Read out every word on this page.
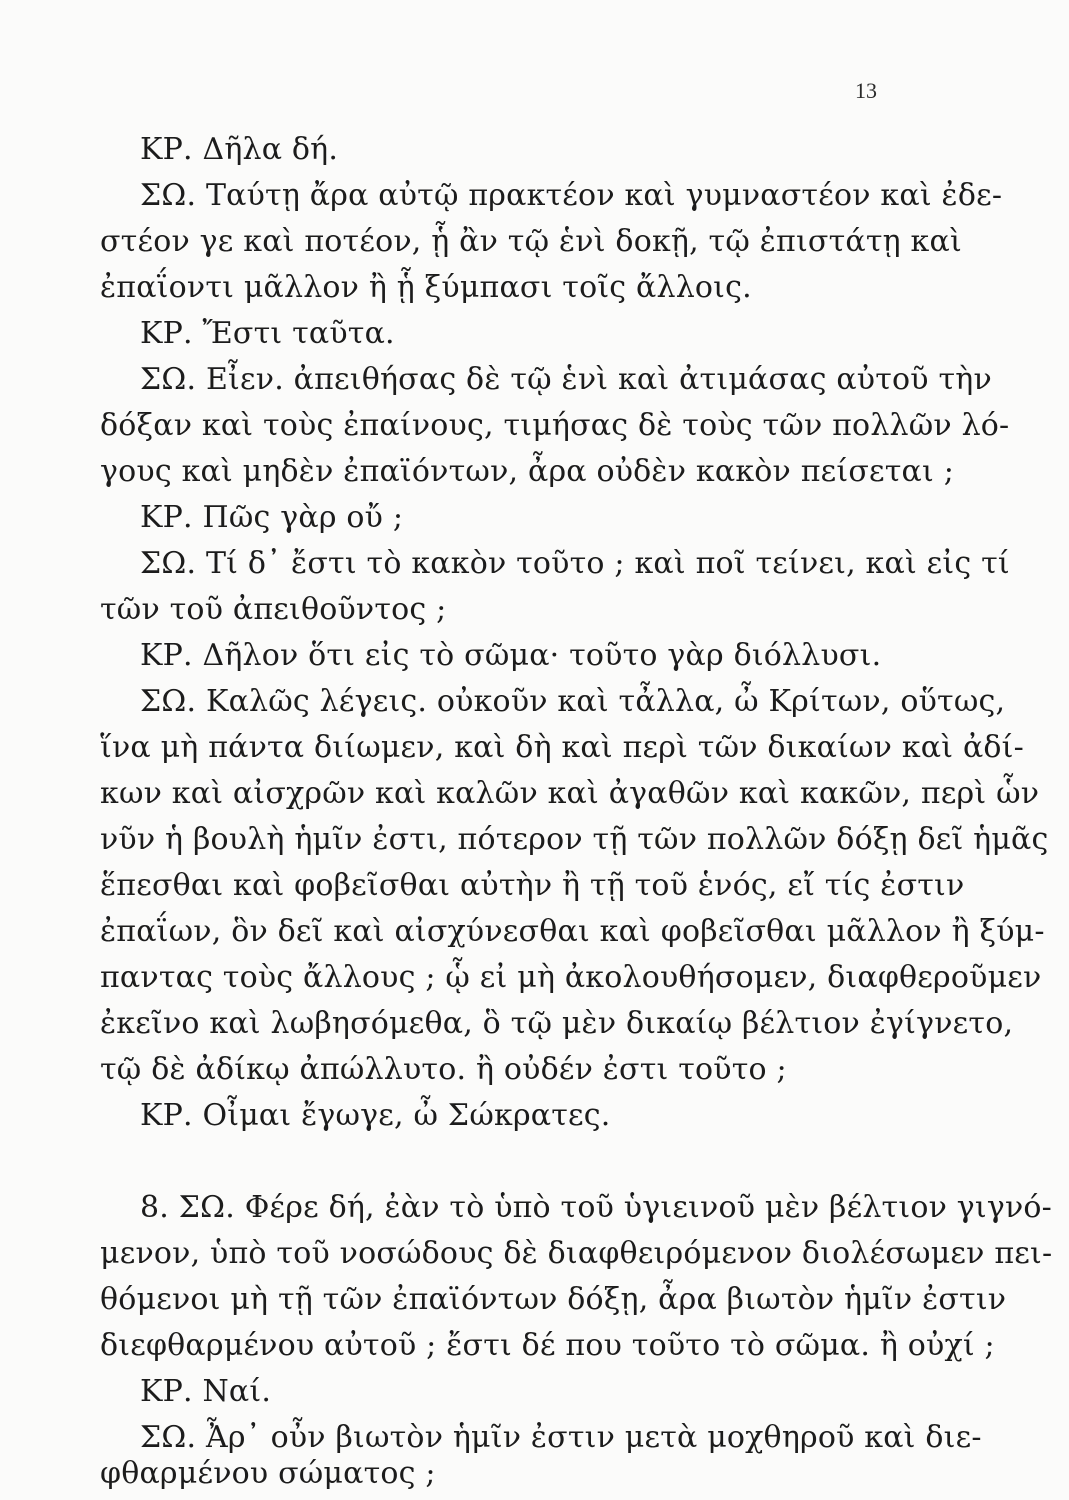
13
ΚΡ. Δῆλα δή.
ΣΩ. Ταύτῃ ἄρα αὐτῷ πρακτέον καὶ γυμναστέον καὶ ἐδε-
στέον γε καὶ ποτέον, ᾗ ἂν τῷ ἑνὶ δοκῇ, τῷ ἐπιστάτῃ καὶ
ἐπαΐοντι μᾶλλον ἢ ᾗ ξύμπασι τοῖς ἄλλοις.
ΚΡ. Ἔστι ταῦτα.
ΣΩ. Εἶεν. ἀπειθήσας δὲ τῷ ἑνὶ καὶ ἀτιμάσας αὐτοῦ τὴν
δόξαν καὶ τοὺς ἐπαίνους, τιμήσας δὲ τοὺς τῶν πολλῶν λό-
γους καὶ μηδὲν ἐπαϊόντων, ἆρα οὐδὲν κακὸν πείσεται ;
ΚΡ. Πῶς γὰρ οὔ ;
ΣΩ. Τί δ᾽ ἔστι τὸ κακὸν τοῦτο ; καὶ ποῖ τείνει, καὶ εἰς τί
τῶν τοῦ ἀπειθοῦντος ;
ΚΡ. Δῆλον ὅτι εἰς τὸ σῶμα· τοῦτο γὰρ διόλλυσι.
ΣΩ. Καλῶς λέγεις. οὐκοῦν καὶ τἆλλα, ὦ Κρίτων, οὕτως,
ἵνα μὴ πάντα διίωμεν, καὶ δὴ καὶ περὶ τῶν δικαίων καὶ ἀδί-
κων καὶ αἰσχρῶν καὶ καλῶν καὶ ἀγαθῶν καὶ κακῶν, περὶ ὧν
νῦν ἡ βουλὴ ἡμῖν ἐστι, πότερον τῇ τῶν πολλῶν δόξῃ δεῖ ἡμᾶς
ἕπεσθαι καὶ φοβεῖσθαι αὐτὴν ἢ τῇ τοῦ ἑνός, εἴ τίς ἐστιν
ἐπαΐων, ὃν δεῖ καὶ αἰσχύνεσθαι καὶ φοβεῖσθαι μᾶλλον ἢ ξύμ-
παντας τοὺς ἄλλους ; ᾧ εἰ μὴ ἀκολουθήσομεν, διαφθεροῦμεν
ἐκεῖνο καὶ λωβησόμεθα, ὃ τῷ μὲν δικαίῳ βέλτιον ἐγίγνετο,
τῷ δὲ ἀδίκῳ ἀπώλλυτο. ἢ οὐδέν ἐστι τοῦτο ;
ΚΡ. Οἶμαι ἔγωγε, ὦ Σώκρατες.
8. ΣΩ. Φέρε δή, ἐὰν τὸ ὑπὸ τοῦ ὑγιεινοῦ μὲν βέλτιον γιγνό-
μενον, ὑπὸ τοῦ νοσώδους δὲ διαφθειρόμενον διολέσωμεν πει-
θόμενοι μὴ τῇ τῶν ἐπαϊόντων δόξῃ, ἆρα βιωτὸν ἡμῖν ἐστιν
διεφθαρμένου αὐτοῦ ; ἔστι δέ που τοῦτο τὸ σῶμα. ἢ οὐχί ;
ΚΡ. Ναί.
ΣΩ. Ἆρ᾽ οὖν βιωτὸν ἡμῖν ἐστιν μετὰ μοχθηροῦ καὶ διε-
φθαρμένου σώματος ;
